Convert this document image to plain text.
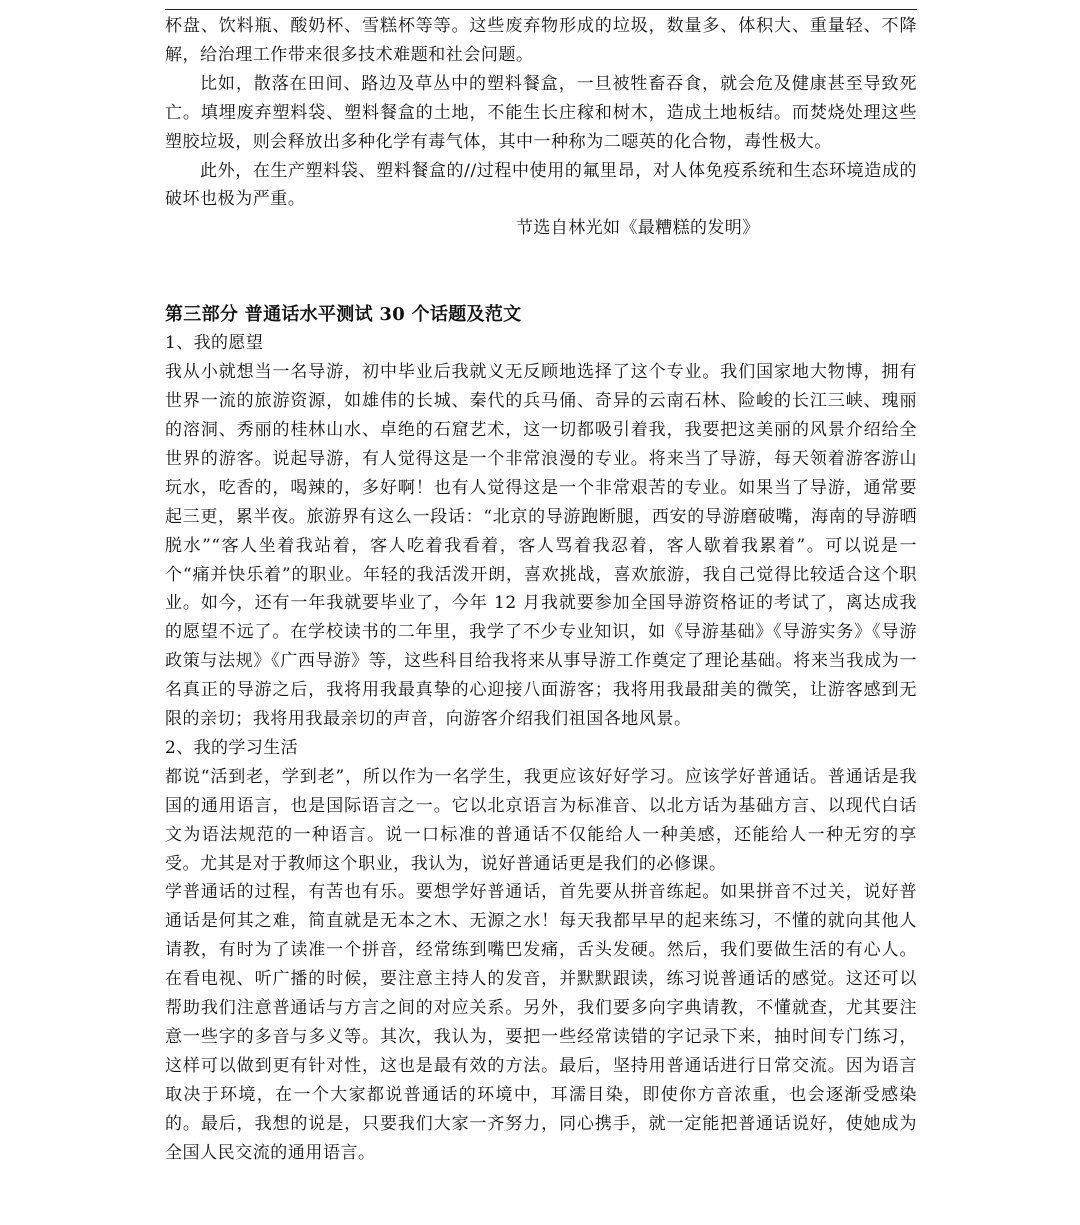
杯盘、饮料瓶、酸奶杯、雪糕杯等等。这些废弃物形成的垃圾，数量多、体积大、重量轻、不降解，给治理工作带来很多技术难题和社会问题。

比如，散落在田间、路边及草丛中的塑料餐盒，一旦被牲畜吞食，就会危及健康甚至导致死亡。填埋废弃塑料袋、塑料餐盒的土地，不能生长庄稼和树木，造成土地板结。而焚烧处理这些塑胶垃圾，则会释放出多种化学有毒气体，其中一种称为二噁英的化合物，毒性极大。

此外，在生产塑料袋、塑料餐盒的//过程中使用的氟里昂，对人体免疫系统和生态环境造成的破坏也极为严重。

节选自林光如《最糟糕的发明》

第三部分 普通话水平测试 30 个话题及范文
1、我的愿望

我从小就想当一名导游，初中毕业后我就义无反顾地选择了这个专业。我们国家地大物博，拥有世界一流的旅游资源，如雄伟的长城、秦代的兵马俑、奇异的云南石林、险峻的长江三峡、瑰丽的溶洞、秀丽的桂林山水、卓绝的石窟艺术，这一切都吸引着我，我要把这美丽的风景介绍给全世界的游客。说起导游，有人觉得这是一个非常浪漫的专业。将来当了导游，每天领着游客游山玩水，吃香的，喝辣的，多好啊！也有人觉得这是一个非常艰苦的专业。如果当了导游，通常要起三更，累半夜。旅游界有这么一段话：“北京的导游跑断腿，西安的导游磨破嘴，海南的导游晒脱水”“客人坐着我站着，客人吃着我看着，客人骂着我忍着，客人歇着我累着”。可以说是一个“痛并快乐着”的职业。年轻的我活泼开朗，喜欢挑战，喜欢旅游，我自己觉得比较适合这个职业。如今，还有一年我就要毕业了，今年 12 月我就要参加全国导游资格证的考试了，离达成我的愿望不远了。在学校读书的二年里，我学了不少专业知识，如《导游基础》《导游实务》《导游政策与法规》《广西导游》等，这些科目给我将来从事导游工作奠定了理论基础。将来当我成为一名真正的导游之后，我将用我最真挚的心迎接八面游客；我将用我最甜美的微笑，让游客感到无限的亲切；我将用我最亲切的声音，向游客介绍我们祖国各地风景。

2、我的学习生活

都说“活到老，学到老”，所以作为一名学生，我更应该好好学习。应该学好普通话。普通话是我国的通用语言，也是国际语言之一。它以北京语言为标准音、以北方话为基础方言、以现代白话文为语法规范的一种语言。说一口标准的普通话不仅能给人一种美感，还能给人一种无穷的享受。尤其是对于教师这个职业，我认为，说好普通话更是我们的必修课。

学普通话的过程，有苦也有乐。要想学好普通话，首先要从拼音练起。如果拼音不过关，说好普通话是何其之难，简直就是无本之木、无源之水！每天我都早早的起来练习，不懂的就向其他人请教，有时为了读准一个拼音，经常练到嘴巴发痛，舌头发硬。然后，我们要做生活的有心人。在看电视、听广播的时候，要注意主持人的发音，并默默跟读，练习说普通话的感觉。这还可以帮助我们注意普通话与方言之间的对应关系。另外，我们要多向字典请教，不懂就查，尤其要注意一些字的多音与多义等。其次，我认为，要把一些经常读错的字记录下来，抽时间专门练习，这样可以做到更有针对性，这也是最有效的方法。最后，坚持用普通话进行日常交流。因为语言取决于环境，在一个大家都说普通话的环境中，耳濡目染，即使你方音浓重，也会逐渐受感染的。最后，我想的说是，只要我们大家一齐努力，同心携手，就一定能把普通话说好，使她成为全国人民交流的通用语言。
